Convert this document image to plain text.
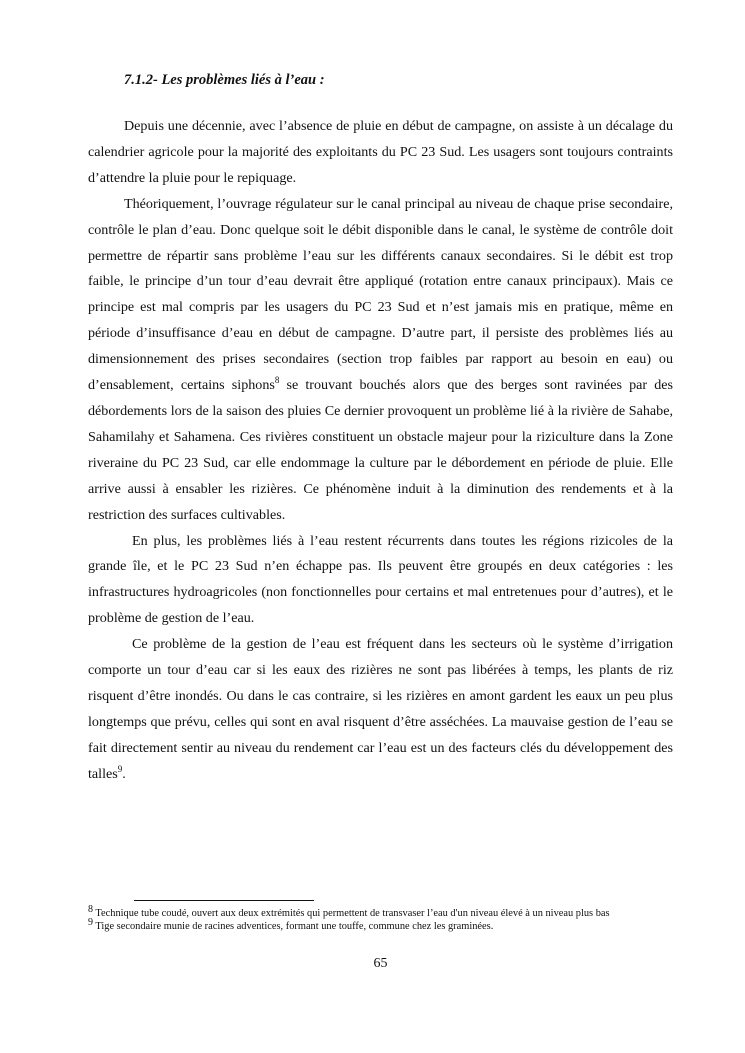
7.1.2- Les problèmes liés à l’eau :

Depuis une décennie, avec l’absence de pluie en début de campagne, on assiste à un décalage du calendrier agricole pour la majorité des exploitants du PC 23 Sud. Les usagers sont toujours contraints d’attendre la pluie pour le repiquage.

Théoriquement, l’ouvrage régulateur sur le canal principal au niveau de chaque prise secondaire, contrôle le plan d’eau. Donc quelque soit le débit disponible dans le canal, le système de contrôle doit permettre de répartir sans problème l’eau sur les différents canaux secondaires. Si le débit est trop faible, le principe d’un tour d’eau devrait être appliqué (rotation entre canaux principaux). Mais ce principe est mal compris par les usagers du PC 23 Sud et n’est jamais mis en pratique, même en période d’insuffisance d’eau en début de campagne. D’autre part, il persiste des problèmes liés au dimensionnement des prises secondaires (section trop faibles par rapport au besoin en eau) ou d’ensablement, certains siphons$^8$ se trouvant bouchés alors que des berges sont ravinées par des débordements lors de la saison des pluies Ce dernier provoquent un problème lié à la rivière de Sahabe, Sahamilahy et Sahamena. Ces rivières constituent un obstacle majeur pour la riziculture dans la Zone riveraine du PC 23 Sud, car elle endommage la culture par le débordement en période de pluie. Elle arrive aussi à ensabler les rizières. Ce phénomène induit à la diminution des rendements et à la restriction des surfaces cultivables.

En plus, les problèmes liés à l’eau restent récurrents dans toutes les régions rizicoles de la grande île, et le PC 23 Sud n’en échappe pas. Ils peuvent être groupés en deux catégories : les infrastructures hydroagricoles (non fonctionnelles pour certains et mal entretenues pour d’autres), et le problème de gestion de l’eau.

Ce problème de la gestion de l’eau est fréquent dans les secteurs où le système d’irrigation comporte un tour d’eau car si les eaux des rizières ne sont pas libérées à temps, les plants de riz risquent d’être inondés. Ou dans le cas contraire, si les rizières en amont gardent les eaux un peu plus longtemps que prévu, celles qui sont en aval risquent d’être asséchées. La mauvaise gestion de l’eau se fait directement sentir au niveau du rendement car l’eau est un des facteurs clés du développement des talles$^9$.

8 Technique tube coudé, ouvert aux deux extrémités qui permettent de transvaser l’eau d'un niveau élevé à un niveau plus bas

9 Tige secondaire munie de racines adventices, formant une touffe, commune chez les graminées.

65
